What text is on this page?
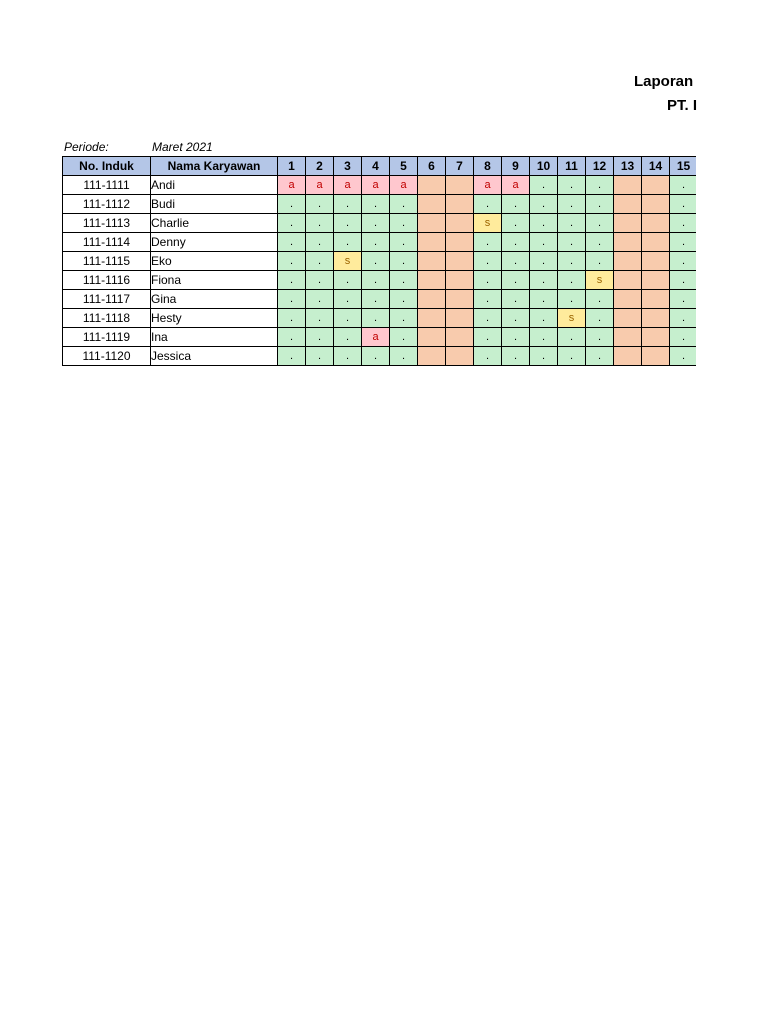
Laporan
PT. I
Periode:	Maret 2021
No. Induk	Nama Karyawan	1	2	3	4	5	6	7	8	9	10	11	12	13	14	15
111-1111	Andi	a	a	a	a	a			a	a	.	.	.			.
111-1112	Budi	.	.	.	.	.			.	.	.	.	.			.
111-1113	Charlie	.	.	.	.	.			s	.	.	.	.			.
111-1114	Denny	.	.	.	.	.			.	.	.	.	.			.
111-1115	Eko	.	.	s	.	.			.	.	.	.	.			.
111-1116	Fiona	.	.	.	.	.			.	.	.	.	s			.
111-1117	Gina	.	.	.	.	.			.	.	.	.	.			.
111-1118	Hesty	.	.	.	.	.			.	.	.	s	.			.
111-1119	Ina	.	.	.	a	.			.	.	.	.	.			.
111-1120	Jessica	.	.	.	.	.			.	.	.	.	.			.
